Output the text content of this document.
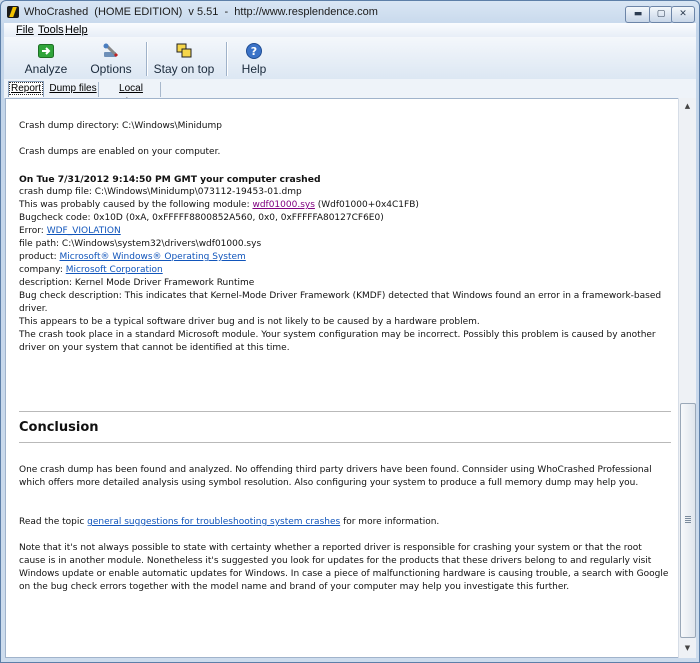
WhoCrashed  (HOME EDITION)  v 5.51  -  http://www.resplendence.com	▬	▢	✕
File Tools Help
Analyze Options Stay on top
?
Help
Report Dump files	Local
Crash dump directory: C:\Windows\Minidump
Crash dumps are enabled on your computer.
On Tue 7/31/2012 9:14:50 PM GMT your computer crashed
crash dump file: C:\Windows\Minidump\073112-19453-01.dmp
This was probably caused by the following module: wdf01000.sys (Wdf01000+0x4C1FB)
Bugcheck code: 0x10D (0xA, 0xFFFFF8800852A560, 0x0, 0xFFFFFA80127CF6E0)
Error: WDF_VIOLATION
file path: C:\Windows\system32\drivers\wdf01000.sys
product: Microsoft® Windows® Operating System
company: Microsoft Corporation
description: Kernel Mode Driver Framework Runtime
Bug check description: This indicates that Kernel-Mode Driver Framework (KMDF) detected that Windows found an error in a framework-based driver.
This appears to be a typical software driver bug and is not likely to be caused by a hardware problem.
The crash took place in a standard Microsoft module. Your system configuration may be incorrect. Possibly this problem is caused by another driver on your system that cannot be identified at this time.
Conclusion
One crash dump has been found and analyzed. No offending third party drivers have been found. Connsider using WhoCrashed Professional which offers more detailed analysis using symbol resolution. Also configuring your system to produce a full memory dump may help you.
Read the topic general suggestions for troubleshooting system crashes for more information.
Note that it's not always possible to state with certainty whether a reported driver is responsible for crashing your system or that the root cause is in another module. Nonetheless it's suggested you look for updates for the products that these drivers belong to and regularly visit Windows update or enable automatic updates for Windows. In case a piece of malfunctioning hardware is causing trouble, a search with Google on the bug check errors together with the model name and brand of your computer may help you investigate this further.
▲
▼
